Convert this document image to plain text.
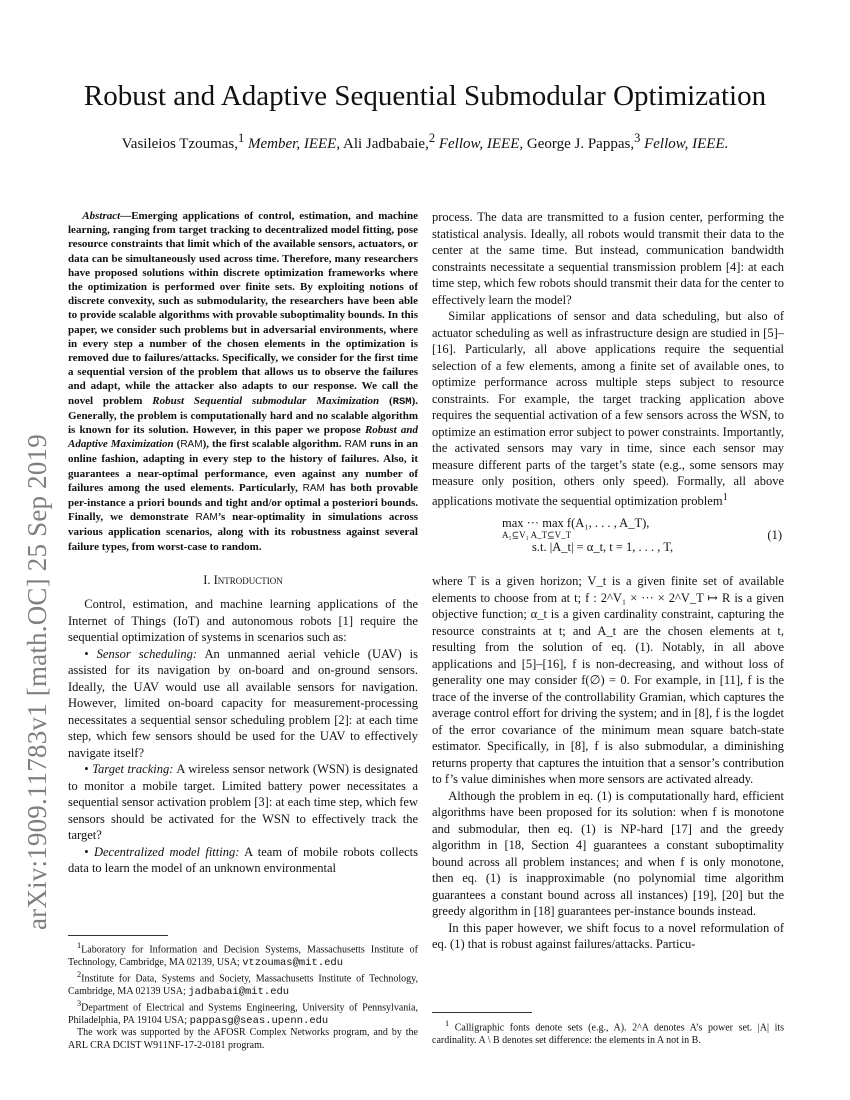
arXiv:1909.11783v1 [math.OC] 25 Sep 2019
Robust and Adaptive Sequential Submodular Optimization
Vasileios Tzoumas,$^1$ Member, IEEE, Ali Jadbabaie,$^2$ Fellow, IEEE, George J. Pappas,$^3$ Fellow, IEEE.

Abstract—Emerging applications of control, estimation, and machine learning, ranging from target tracking to decentralized model fitting, pose resource constraints that limit which of the available sensors, actuators, or data can be simultaneously used across time. Therefore, many researchers have proposed solutions within discrete optimization frameworks where the optimization is performed over finite sets. By exploiting notions of discrete convexity, such as submodularity, the researchers have been able to provide scalable algorithms with provable suboptimality bounds. In this paper, we consider such problems but in adversarial environments, where in every step a number of the chosen elements in the optimization is removed due to failures/attacks. Specifically, we consider for the first time a sequential version of the problem that allows us to observe the failures and adapt, while the attacker also adapts to our response. We call the novel problem Robust Sequential submodular Maximization (RSM). Generally, the problem is computationally hard and no scalable algorithm is known for its solution. However, in this paper we propose Robust and Adaptive Maximization (RAM), the first scalable algorithm. RAM runs in an online fashion, adapting in every step to the history of failures. Also, it guarantees a near-optimal performance, even against any number of failures among the used elements. Particularly, RAM has both provable per-instance a priori bounds and tight and/or optimal a posteriori bounds. Finally, we demonstrate RAM’s near-optimality in simulations across various application scenarios, along with its robustness against several failure types, from worst-case to random.

I. Introduction

Control, estimation, and machine learning applications of the Internet of Things (IoT) and autonomous robots [1] require the sequential optimization of systems in scenarios such as:

• Sensor scheduling: An unmanned aerial vehicle (UAV) is assisted for its navigation by on-board and on-ground sensors. Ideally, the UAV would use all available sensors for navigation. However, limited on-board capacity for measurement-processing necessitates a sequential sensor scheduling problem [2]: at each time step, which few sensors should be used for the UAV to effectively navigate itself?

• Target tracking: A wireless sensor network (WSN) is designated to monitor a mobile target. Limited battery power necessitates a sequential sensor activation problem [3]: at each time step, which few sensors should be activated for the WSN to effectively track the target?

• Decentralized model fitting: A team of mobile robots collects data to learn the model of an unknown environmental

$^1$Laboratory for Information and Decision Systems, Massachusetts Institute of Technology, Cambridge, MA 02139, USA; vtzoumas@mit.edu

$^2$Institute for Data, Systems and Society, Massachusetts Institute of Technology, Cambridge, MA 02139 USA; jadbabai@mit.edu

$^3$Department of Electrical and Systems Engineering, University of Pennsylvania, Philadelphia, PA 19104 USA; pappasg@seas.upenn.edu

The work was supported by the AFOSR Complex Networks program, and by the ARL CRA DCIST W911NF-17-2-0181 program.

process. The data are transmitted to a fusion center, performing the statistical analysis. Ideally, all robots would transmit their data to the center at the same time. But instead, communication bandwidth constraints necessitate a sequential transmission problem [4]: at each time step, which few robots should transmit their data for the center to effectively learn the model?

Similar applications of sensor and data scheduling, but also of actuator scheduling as well as infrastructure design are studied in [5]–[16]. Particularly, all above applications require the sequential selection of a few elements, among a finite set of available ones, to optimize performance across multiple steps subject to resource constraints. For example, the target tracking application above requires the sequential activation of a few sensors across the WSN, to optimize an estimation error subject to power constraints. Importantly, the activated sensors may vary in time, since each sensor may measure different parts of the target’s state (e.g., some sensors may measure only position, others only speed). Formally, all above applications motivate the sequential optimization problem$^1$

max ··· max f(A₁, . . . , A_T),
A₁⊆V₁ A_T⊆V_T
s.t. |A_t| = α_t, t = 1, . . . , T,
(1)

where T is a given horizon; V_t is a given finite set of available elements to choose from at t; f : 2^V₁ × ··· × 2^V_T ↦ R is a given objective function; α_t is a given cardinality constraint, capturing the resource constraints at t; and A_t are the chosen elements at t, resulting from the solution of eq. (1). Notably, in all above applications and [5]–[16], f is non-decreasing, and without loss of generality one may consider f(∅) = 0. For example, in [11], f is the trace of the inverse of the controllability Gramian, which captures the average control effort for driving the system; and in [8], f is the logdet of the error covariance of the minimum mean square batch-state estimator. Specifically, in [8], f is also submodular, a diminishing returns property that captures the intuition that a sensor’s contribution to f’s value diminishes when more sensors are activated already.

Although the problem in eq. (1) is computationally hard, efficient algorithms have been proposed for its solution: when f is monotone and submodular, then eq. (1) is NP-hard [17] and the greedy algorithm in [18, Section 4] guarantees a constant suboptimality bound across all problem instances; and when f is only monotone, then eq. (1) is inapproximable (no polynomial time algorithm guarantees a constant bound across all instances) [19], [20] but the greedy algorithm in [18] guarantees per-instance bounds instead.

In this paper however, we shift focus to a novel reformulation of eq. (1) that is robust against failures/attacks. Particu-

$^1$ Calligraphic fonts denote sets (e.g., A). 2^A denotes A’s power set. |A| its cardinality. A \ B denotes set difference: the elements in A not in B.
